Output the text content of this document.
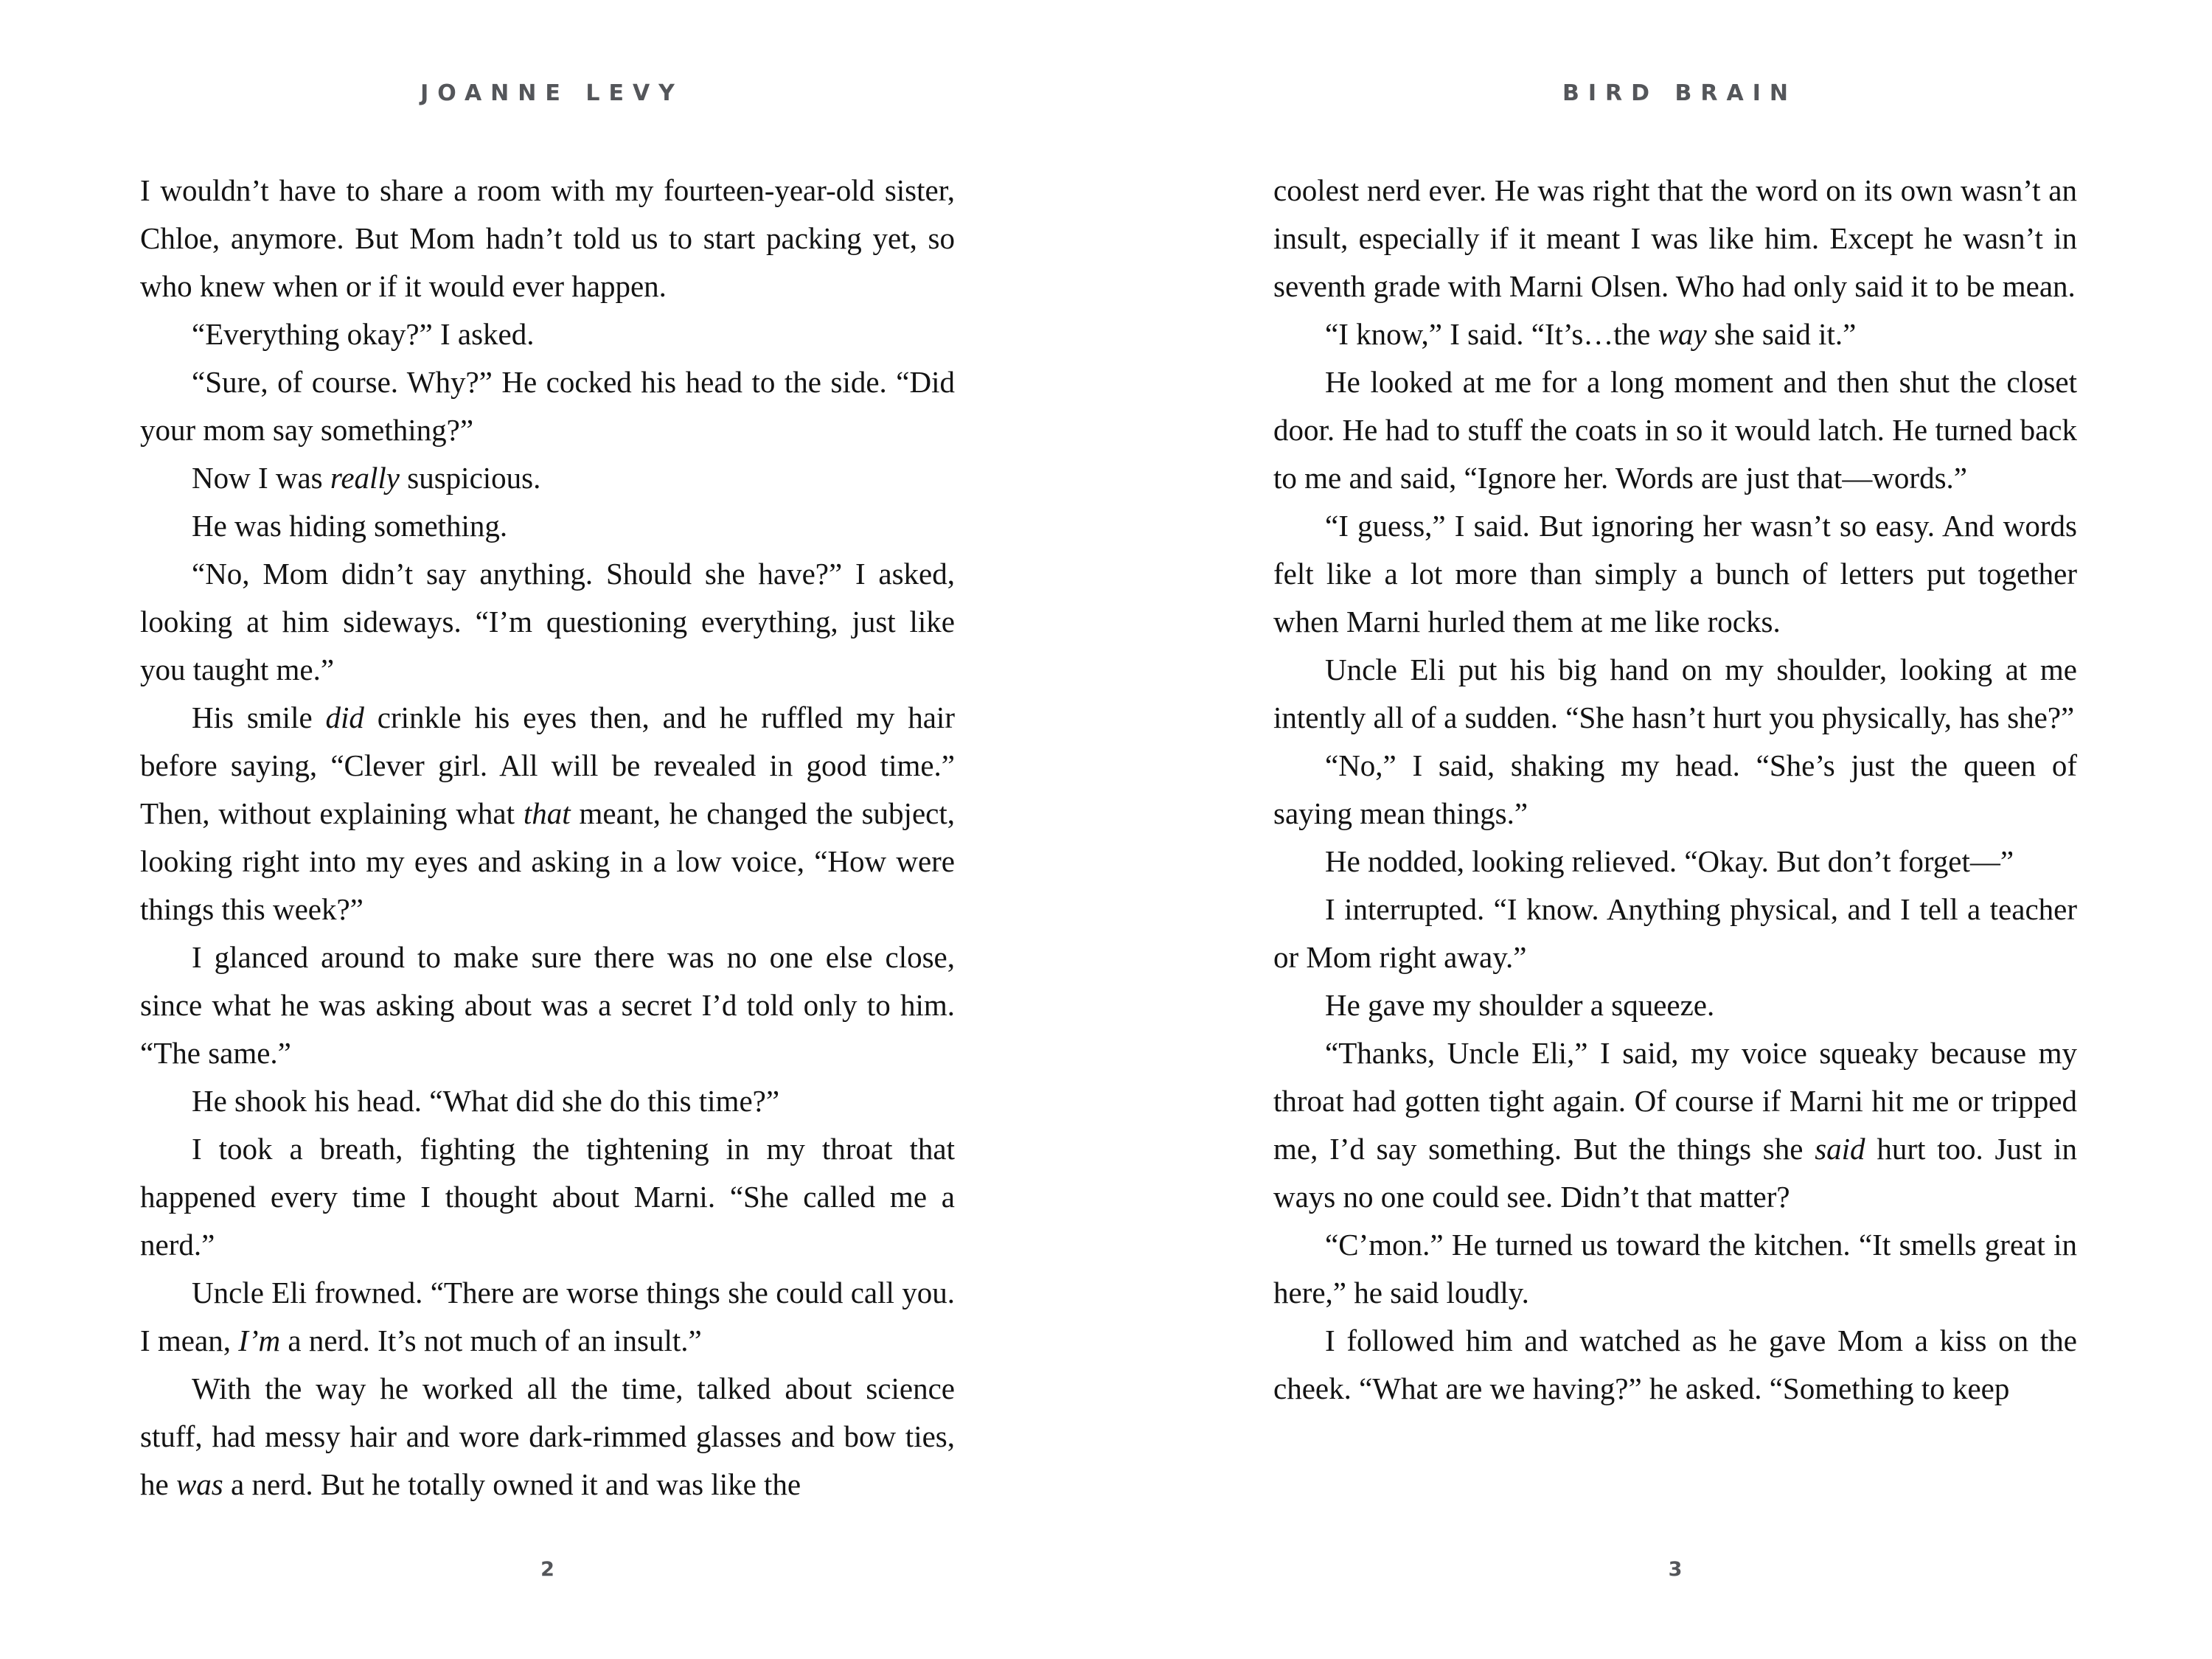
JOANNE LEVY

I wouldn’t have to share a room with my fourteen-year-old sister, Chloe, anymore. But Mom hadn’t told us to start packing yet, so who knew when or if it would ever happen.

“Everything okay?” I asked.

“Sure, of course. Why?” He cocked his head to the side. “Did your mom say something?”

Now I was really suspicious.

He was hiding something.

“No, Mom didn’t say anything. Should she have?” I asked, looking at him sideways. “I’m questioning everything, just like you taught me.”

His smile did crinkle his eyes then, and he ruffled my hair before saying, “Clever girl. All will be revealed in good time.” Then, without explaining what that meant, he changed the subject, looking right into my eyes and asking in a low voice, “How were things this week?”

I glanced around to make sure there was no one else close, since what he was asking about was a secret I’d told only to him. “The same.”

He shook his head. “What did she do this time?”

I took a breath, fighting the tightening in my throat that happened every time I thought about Marni. “She called me a nerd.”

Uncle Eli frowned. “There are worse things she could call you. I mean, I’m a nerd. It’s not much of an insult.”

With the way he worked all the time, talked about science stuff, had messy hair and wore dark-rimmed glasses and bow ties, he was a nerd. But he totally owned it and was like the

2
BIRD BRAIN

coolest nerd ever. He was right that the word on its own wasn’t an insult, especially if it meant I was like him. Except he wasn’t in seventh grade with Marni Olsen. Who had only said it to be mean.

“I know,” I said. “It’s…the way she said it.”

He looked at me for a long moment and then shut the closet door. He had to stuff the coats in so it would latch. He turned back to me and said, “Ignore her. Words are just that—words.”

“I guess,” I said. But ignoring her wasn’t so easy. And words felt like a lot more than simply a bunch of letters put together when Marni hurled them at me like rocks.

Uncle Eli put his big hand on my shoulder, looking at me intently all of a sudden. “She hasn’t hurt you physically, has she?”

“No,” I said, shaking my head. “She’s just the queen of saying mean things.”

He nodded, looking relieved. “Okay. But don’t forget—”

I interrupted. “I know. Anything physical, and I tell a teacher or Mom right away.”

He gave my shoulder a squeeze.

“Thanks, Uncle Eli,” I said, my voice squeaky because my throat had gotten tight again. Of course if Marni hit me or tripped me, I’d say something. But the things she said hurt too. Just in ways no one could see. Didn’t that matter?

“C’mon.” He turned us toward the kitchen. “It smells great in here,” he said loudly.

I followed him and watched as he gave Mom a kiss on the cheek. “What are we having?” he asked. “Something to keep

3
